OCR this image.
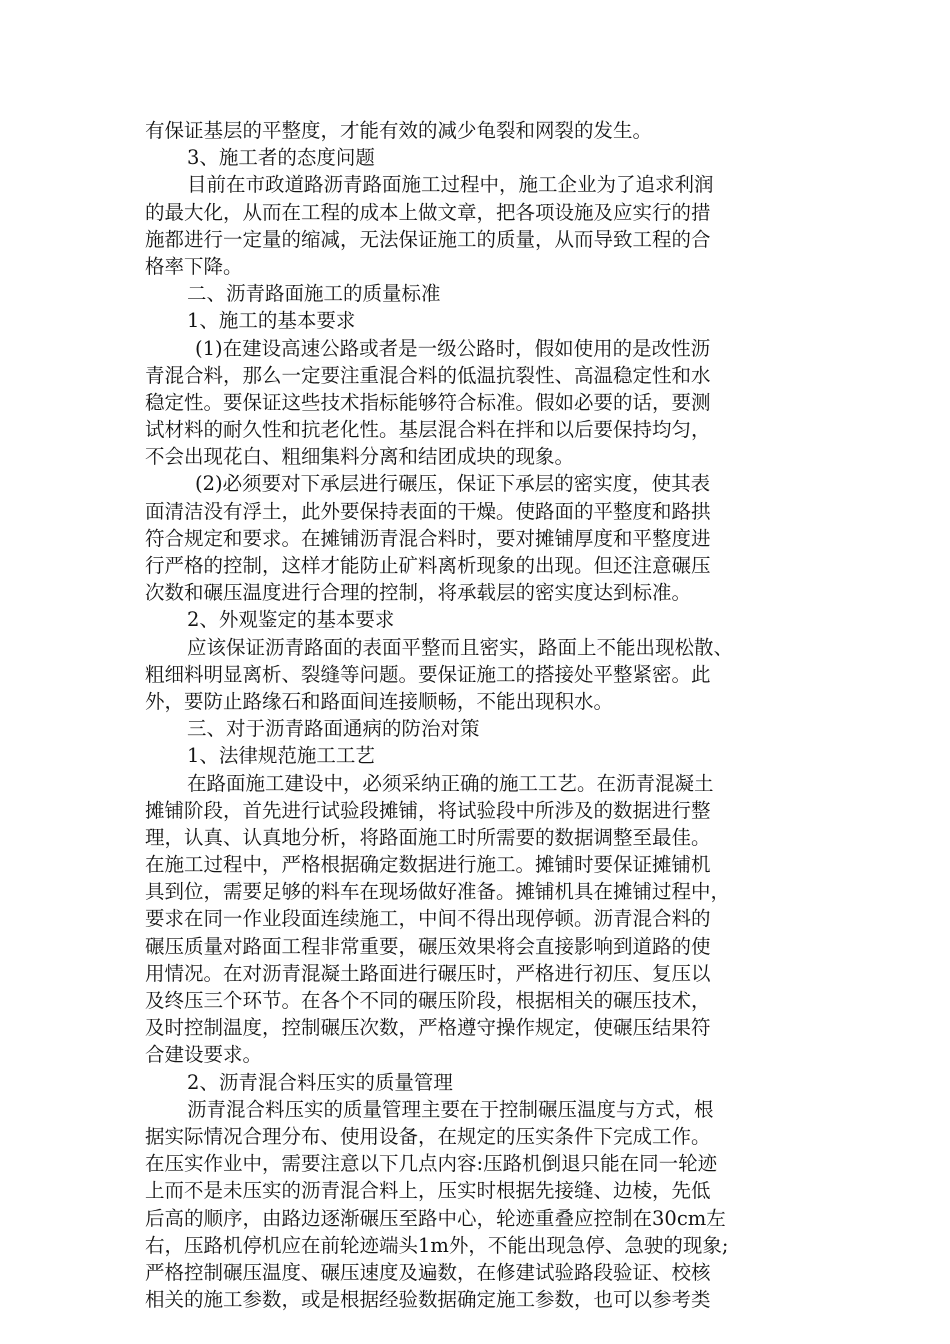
有保证基层的平整度，才能有效的减少龟裂和网裂的发生。
3、施工者的态度问题
目前在市政道路沥青路面施工过程中，施工企业为了追求利润
的最大化，从而在工程的成本上做文章，把各项设施及应实行的措
施都进行一定量的缩减，无法保证施工的质量，从而导致工程的合
格率下降。
二、沥青路面施工的质量标准
1、施工的基本要求
(1)在建设高速公路或者是一级公路时，假如使用的是改性沥
青混合料，那么一定要注重混合料的低温抗裂性、高温稳定性和水
稳定性。要保证这些技术指标能够符合标准。假如必要的话，要测
试材料的耐久性和抗老化性。基层混合料在拌和以后要保持均匀，
不会出现花白、粗细集料分离和结团成块的现象。
(2)必须要对下承层进行碾压，保证下承层的密实度，使其表
面清洁没有浮土，此外要保持表面的干燥。使路面的平整度和路拱
符合规定和要求。在摊铺沥青混合料时，要对摊铺厚度和平整度进
行严格的控制，这样才能防止矿料离析现象的出现。但还注意碾压
次数和碾压温度进行合理的控制，将承载层的密实度达到标准。
2、外观鉴定的基本要求
应该保证沥青路面的表面平整而且密实，路面上不能出现松散、
粗细料明显离析、裂缝等问题。要保证施工的搭接处平整紧密。此
外，要防止路缘石和路面间连接顺畅，不能出现积水。
三、对于沥青路面通病的防治对策
1、法律规范施工工艺
在路面施工建设中，必须采纳正确的施工工艺。在沥青混凝土
摊铺阶段，首先进行试验段摊铺，将试验段中所涉及的数据进行整
理，认真、认真地分析，将路面施工时所需要的数据调整至最佳。
在施工过程中，严格根据确定数据进行施工。摊铺时要保证摊铺机
具到位，需要足够的料车在现场做好准备。摊铺机具在摊铺过程中，
要求在同一作业段面连续施工，中间不得出现停顿。沥青混合料的
碾压质量对路面工程非常重要，碾压效果将会直接影响到道路的使
用情况。在对沥青混凝土路面进行碾压时，严格进行初压、复压以
及终压三个环节。在各个不同的碾压阶段，根据相关的碾压技术，
及时控制温度，控制碾压次数，严格遵守操作规定，使碾压结果符
合建设要求。
2、沥青混合料压实的质量管理
沥青混合料压实的质量管理主要在于控制碾压温度与方式，根
据实际情况合理分布、使用设备，在规定的压实条件下完成工作。
在压实作业中，需要注意以下几点内容:压路机倒退只能在同一轮迹
上而不是未压实的沥青混合料上，压实时根据先接缝、边棱，先低
后高的顺序，由路边逐渐碾压至路中心，轮迹重叠应控制在30cm左
右，压路机停机应在前轮迹端头1m外，不能出现急停、急驶的现象;
严格控制碾压温度、碾压速度及遍数，在修建试验路段验证、校核
相关的施工参数，或是根据经验数据确定施工参数，也可以参考类
